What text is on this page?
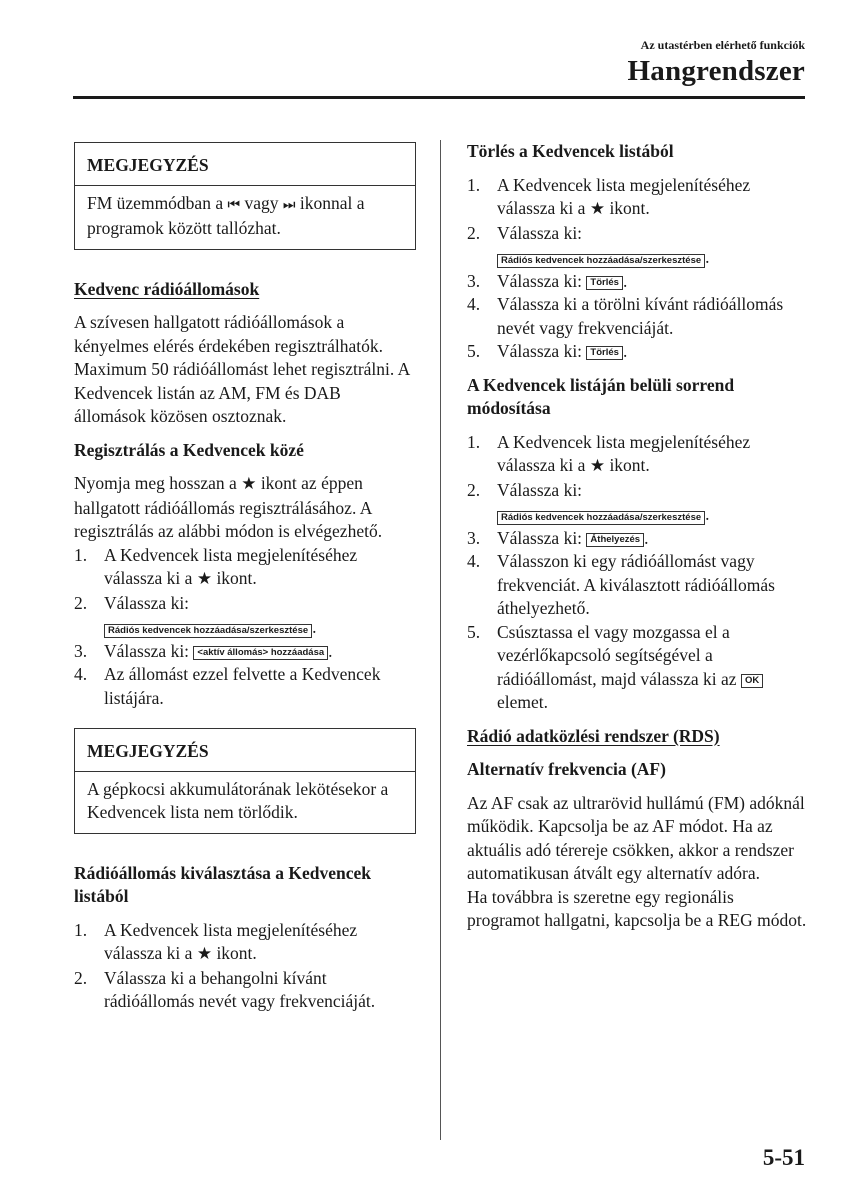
Az utastérben elérhető funkciók
Hangrendszer
MEGJEGYZÉS
FM üzemmódban a ⏮ vagy ⏭ ikonnal a programok között tallózhat.

Kedvenc rádióállomások

A szívesen hallgatott rádióállomások a kényelmes elérés érdekében regisztrálhatók. Maximum 50 rádióállomást lehet regisztrálni. A Kedvencek listán az AM, FM és DAB állomások közösen osztoznak.

Regisztrálás a Kedvencek közé

Nyomja meg hosszan a ★ ikont az éppen hallgatott rádióállomás regisztrálásához. A regisztrálás az alábbi módon is elvégezhető.

1. A Kedvencek lista megjelenítéséhez válassza ki a ★ ikont.
2. Válassza ki:
Rádiós kedvencek hozzáadása/szerkesztése .
3. Válassza ki: <aktív állomás> hozzáadása .
4. Az állomást ezzel felvette a Kedvencek listájára.
MEGJEGYZÉS
A gépkocsi akkumulátorának lekötésekor a Kedvencek lista nem törlődik.

Rádióállomás kiválasztása a Kedvencek listából

1. A Kedvencek lista megjelenítéséhez válassza ki a ★ ikont.
2. Válassza ki a behangolni kívánt rádióállomás nevét vagy frekvenciáját.

Törlés a Kedvencek listából

1. A Kedvencek lista megjelenítéséhez válassza ki a ★ ikont.
2. Válassza ki:
Rádiós kedvencek hozzáadása/szerkesztése .
3. Válassza ki: Törlés .
4. Válassza ki a törölni kívánt rádióállomás nevét vagy frekvenciáját.
5. Válassza ki: Törlés .

A Kedvencek listáján belüli sorrend módosítása

1. A Kedvencek lista megjelenítéséhez válassza ki a ★ ikont.
2. Válassza ki:
Rádiós kedvencek hozzáadása/szerkesztése .
3. Válassza ki: Áthelyezés .
4. Válasszon ki egy rádióállomást vagy frekvenciát. A kiválasztott rádióállomás áthelyezhető.
5. Csúsztassa el vagy mozgassa el a vezérlőkapcsoló segítségével a rádióállomást, majd válassza ki az OK elemet.

Rádió adatközlési rendszer (RDS)

Alternatív frekvencia (AF)

Az AF csak az ultrarövid hullámú (FM) adóknál működik. Kapcsolja be az AF módot. Ha az aktuális adó térereje csökken, akkor a rendszer automatikusan átvált egy alternatív adóra.

Ha továbbra is szeretne egy regionális programot hallgatni, kapcsolja be a REG módot.

5-51
